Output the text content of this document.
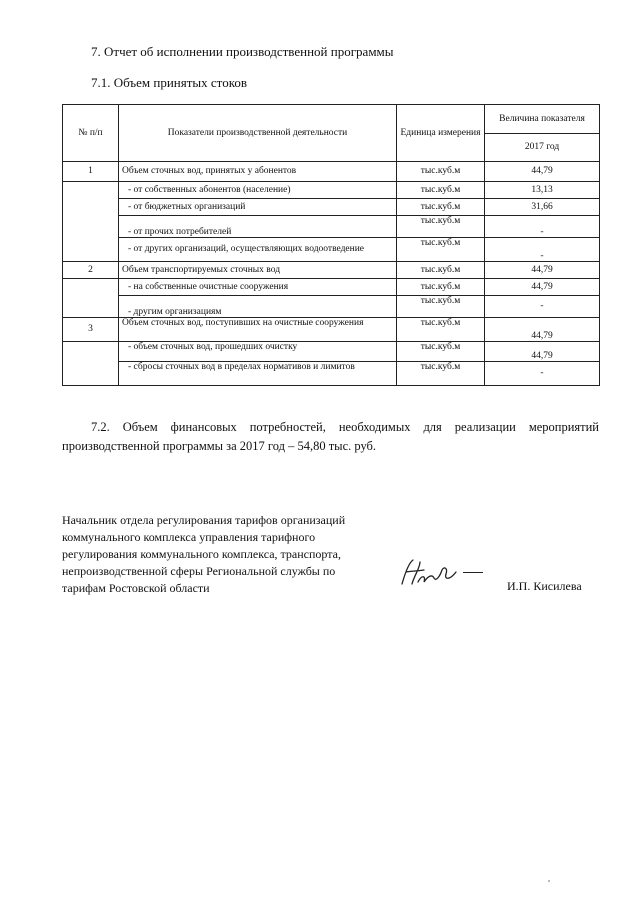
7. Отчет об исполнении производственной программы
7.1. Объем принятых стоков
№ п/п	Показатели производственной деятельности	Единица измерения	Величина показателя
			2017 год
1	Объем сточных вод, принятых у абонентов	тыс.куб.м	44,79
	- от собственных абонентов (население)	тыс.куб.м	13,13
	- от бюджетных организаций	тыс.куб.м	31,66
	- от прочих потребителей	тыс.куб.м	-
	- от других организаций, осуществляющих водоотведение	тыс.куб.м	-
2	Объем транспортируемых сточных вод	тыс.куб.м	44,79
	- на собственные очистные сооружения	тыс.куб.м	44,79
	- другим организациям	тыс.куб.м	-
3	Объем сточных вод, поступивших на очистные сооружения	тыс.куб.м	44,79
	- объем сточных вод, прошедших очистку	тыс.куб.м	44,79
	- сбросы сточных вод в пределах нормативов и лимитов	тыс.куб.м	-
7.2. Объем финансовых потребностей, необходимых для реализации мероприятий производственной программы за 2017 год – 54,80 тыс. руб.
Начальник отдела регулирования тарифов организаций коммунального комплекса управления тарифного регулирования коммунального комплекса, транспорта, непроизводственной сферы Региональной службы по тарифам Ростовской области	И.П. Кисилева
